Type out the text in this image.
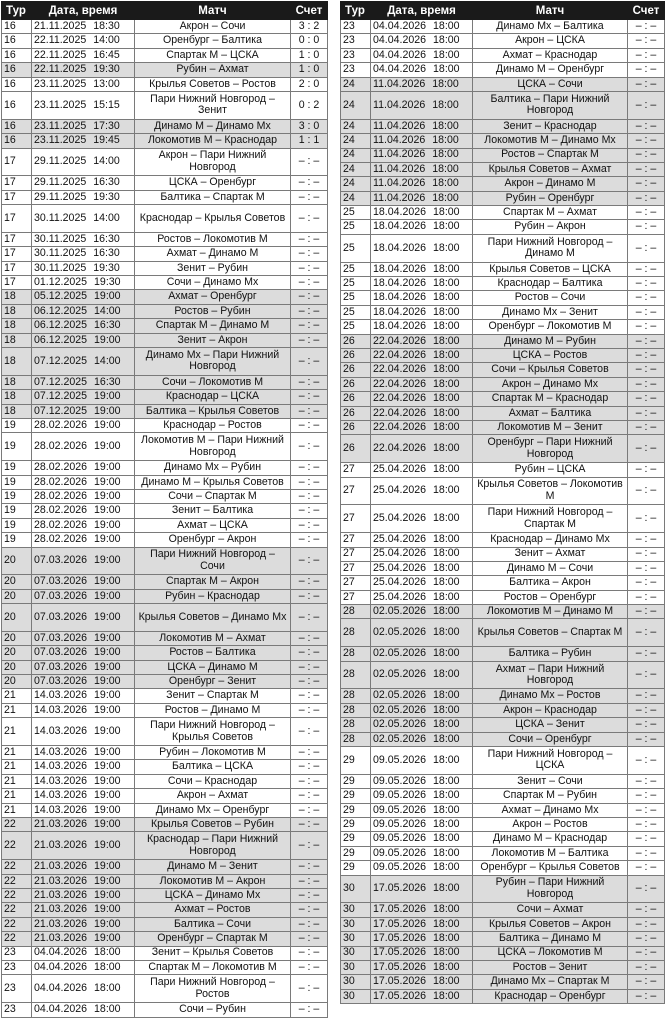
Тур	Дата, время	Матч	Счет
16	21.11.2025 18:30	Акрон – Сочи	3 : 2
16	22.11.2025 14:00	Оренбург – Балтика	0 : 0
16	22.11.2025 16:45	Спартак М – ЦСКА	1 : 0
16	22.11.2025 19:30	Рубин – Ахмат	1 : 0
16	23.11.2025 13:00	Крылья Советов – Ростов	2 : 0
16	23.11.2025 15:15	Пари Нижний Новгород – Зенит	0 : 2
16	23.11.2025 17:30	Динамо М – Динамо Мх	3 : 0
16	23.11.2025 19:45	Локомотив М – Краснодар	1 : 1
17	29.11.2025 14:00	Акрон – Пари Нижний Новгород	– : –
17	29.11.2025 16:30	ЦСКА – Оренбург	– : –
17	29.11.2025 19:30	Балтика – Спартак М	– : –
17	30.11.2025 14:00	Краснодар – Крылья Советов	– : –
17	30.11.2025 16:30	Ростов – Локомотив М	– : –
17	30.11.2025 16:30	Ахмат – Динамо М	– : –
17	30.11.2025 19:30	Зенит – Рубин	– : –
17	01.12.2025 19:30	Сочи – Динамо Мх	– : –
18	05.12.2025 19:00	Ахмат – Оренбург	– : –
18	06.12.2025 14:00	Ростов – Рубин	– : –
18	06.12.2025 16:30	Спартак М – Динамо М	– : –
18	06.12.2025 19:00	Зенит – Акрон	– : –
18	07.12.2025 14:00	Динамо Мх – Пари Нижний Новгород	– : –
18	07.12.2025 16:30	Сочи – Локомотив М	– : –
18	07.12.2025 19:00	Краснодар – ЦСКА	– : –
18	07.12.2025 19:00	Балтика – Крылья Советов	– : –
19	28.02.2026 19:00	Краснодар – Ростов	– : –
19	28.02.2026 19:00	Локомотив М – Пари Нижний Новгород	– : –
19	28.02.2026 19:00	Динамо Мх – Рубин	– : –
19	28.02.2026 19:00	Динамо М – Крылья Советов	– : –
19	28.02.2026 19:00	Сочи – Спартак М	– : –
19	28.02.2026 19:00	Зенит – Балтика	– : –
19	28.02.2026 19:00	Ахмат – ЦСКА	– : –
19	28.02.2026 19:00	Оренбург – Акрон	– : –
20	07.03.2026 19:00	Пари Нижний Новгород – Сочи	– : –
20	07.03.2026 19:00	Спартак М – Акрон	– : –
20	07.03.2026 19:00	Рубин – Краснодар	– : –
20	07.03.2026 19:00	Крылья Советов – Динамо Мх	– : –
20	07.03.2026 19:00	Локомотив М – Ахмат	– : –
20	07.03.2026 19:00	Ростов – Балтика	– : –
20	07.03.2026 19:00	ЦСКА – Динамо М	– : –
20	07.03.2026 19:00	Оренбург – Зенит	– : –
21	14.03.2026 19:00	Зенит – Спартак М	– : –
21	14.03.2026 19:00	Ростов – Динамо М	– : –
21	14.03.2026 19:00	Пари Нижний Новгород – Крылья Советов	– : –
21	14.03.2026 19:00	Рубин – Локомотив М	– : –
21	14.03.2026 19:00	Балтика – ЦСКА	– : –
21	14.03.2026 19:00	Сочи – Краснодар	– : –
21	14.03.2026 19:00	Акрон – Ахмат	– : –
21	14.03.2026 19:00	Динамо Мх – Оренбург	– : –
22	21.03.2026 19:00	Крылья Советов – Рубин	– : –
22	21.03.2026 19:00	Краснодар – Пари Нижний Новгород	– : –
22	21.03.2026 19:00	Динамо М – Зенит	– : –
22	21.03.2026 19:00	Локомотив М – Акрон	– : –
22	21.03.2026 19:00	ЦСКА – Динамо Мх	– : –
22	21.03.2026 19:00	Ахмат – Ростов	– : –
22	21.03.2026 19:00	Балтика – Сочи	– : –
22	21.03.2026 19:00	Оренбург – Спартак М	– : –
23	04.04.2026 18:00	Зенит – Крылья Советов	– : –
23	04.04.2026 18:00	Спартак М – Локомотив М	– : –
23	04.04.2026 18:00	Пари Нижний Новгород – Ростов	– : –
23	04.04.2026 18:00	Сочи – Рубин	– : –
Тур	Дата, время	Матч	Счет
23	04.04.2026 18:00	Динамо Мх – Балтика	– : –
23	04.04.2026 18:00	Акрон – ЦСКА	– : –
23	04.04.2026 18:00	Ахмат – Краснодар	– : –
23	04.04.2026 18:00	Динамо М – Оренбург	– : –
24	11.04.2026 18:00	ЦСКА – Сочи	– : –
24	11.04.2026 18:00	Балтика – Пари Нижний Новгород	– : –
24	11.04.2026 18:00	Зенит – Краснодар	– : –
24	11.04.2026 18:00	Локомотив М – Динамо Мх	– : –
24	11.04.2026 18:00	Ростов – Спартак М	– : –
24	11.04.2026 18:00	Крылья Советов – Ахмат	– : –
24	11.04.2026 18:00	Акрон – Динамо М	– : –
24	11.04.2026 18:00	Рубин – Оренбург	– : –
25	18.04.2026 18:00	Спартак М – Ахмат	– : –
25	18.04.2026 18:00	Рубин – Акрон	– : –
25	18.04.2026 18:00	Пари Нижний Новгород – Динамо М	– : –
25	18.04.2026 18:00	Крылья Советов – ЦСКА	– : –
25	18.04.2026 18:00	Краснодар – Балтика	– : –
25	18.04.2026 18:00	Ростов – Сочи	– : –
25	18.04.2026 18:00	Динамо Мх – Зенит	– : –
25	18.04.2026 18:00	Оренбург – Локомотив М	– : –
26	22.04.2026 18:00	Динамо М – Рубин	– : –
26	22.04.2026 18:00	ЦСКА – Ростов	– : –
26	22.04.2026 18:00	Сочи – Крылья Советов	– : –
26	22.04.2026 18:00	Акрон – Динамо Мх	– : –
26	22.04.2026 18:00	Спартак М – Краснодар	– : –
26	22.04.2026 18:00	Ахмат – Балтика	– : –
26	22.04.2026 18:00	Локомотив М – Зенит	– : –
26	22.04.2026 18:00	Оренбург – Пари Нижний Новгород	– : –
27	25.04.2026 18:00	Рубин – ЦСКА	– : –
27	25.04.2026 18:00	Крылья Советов – Локомотив М	– : –
27	25.04.2026 18:00	Пари Нижний Новгород – Спартак М	– : –
27	25.04.2026 18:00	Краснодар – Динамо Мх	– : –
27	25.04.2026 18:00	Зенит – Ахмат	– : –
27	25.04.2026 18:00	Динамо М – Сочи	– : –
27	25.04.2026 18:00	Балтика – Акрон	– : –
27	25.04.2026 18:00	Ростов – Оренбург	– : –
28	02.05.2026 18:00	Локомотив М – Динамо М	– : –
28	02.05.2026 18:00	Крылья Советов – Спартак М	– : –
28	02.05.2026 18:00	Балтика – Рубин	– : –
28	02.05.2026 18:00	Ахмат – Пари Нижний Новгород	– : –
28	02.05.2026 18:00	Динамо Мх – Ростов	– : –
28	02.05.2026 18:00	Акрон – Краснодар	– : –
28	02.05.2026 18:00	ЦСКА – Зенит	– : –
28	02.05.2026 18:00	Сочи – Оренбург	– : –
29	09.05.2026 18:00	Пари Нижний Новгород – ЦСКА	– : –
29	09.05.2026 18:00	Зенит – Сочи	– : –
29	09.05.2026 18:00	Спартак М – Рубин	– : –
29	09.05.2026 18:00	Ахмат – Динамо Мх	– : –
29	09.05.2026 18:00	Акрон – Ростов	– : –
29	09.05.2026 18:00	Динамо М – Краснодар	– : –
29	09.05.2026 18:00	Локомотив М – Балтика	– : –
29	09.05.2026 18:00	Оренбург – Крылья Советов	– : –
30	17.05.2026 18:00	Рубин – Пари Нижний Новгород	– : –
30	17.05.2026 18:00	Сочи – Ахмат	– : –
30	17.05.2026 18:00	Крылья Советов – Акрон	– : –
30	17.05.2026 18:00	Балтика – Динамо М	– : –
30	17.05.2026 18:00	ЦСКА – Локомотив М	– : –
30	17.05.2026 18:00	Ростов – Зенит	– : –
30	17.05.2026 18:00	Динамо Мх – Спартак М	– : –
30	17.05.2026 18:00	Краснодар – Оренбург	– : –
